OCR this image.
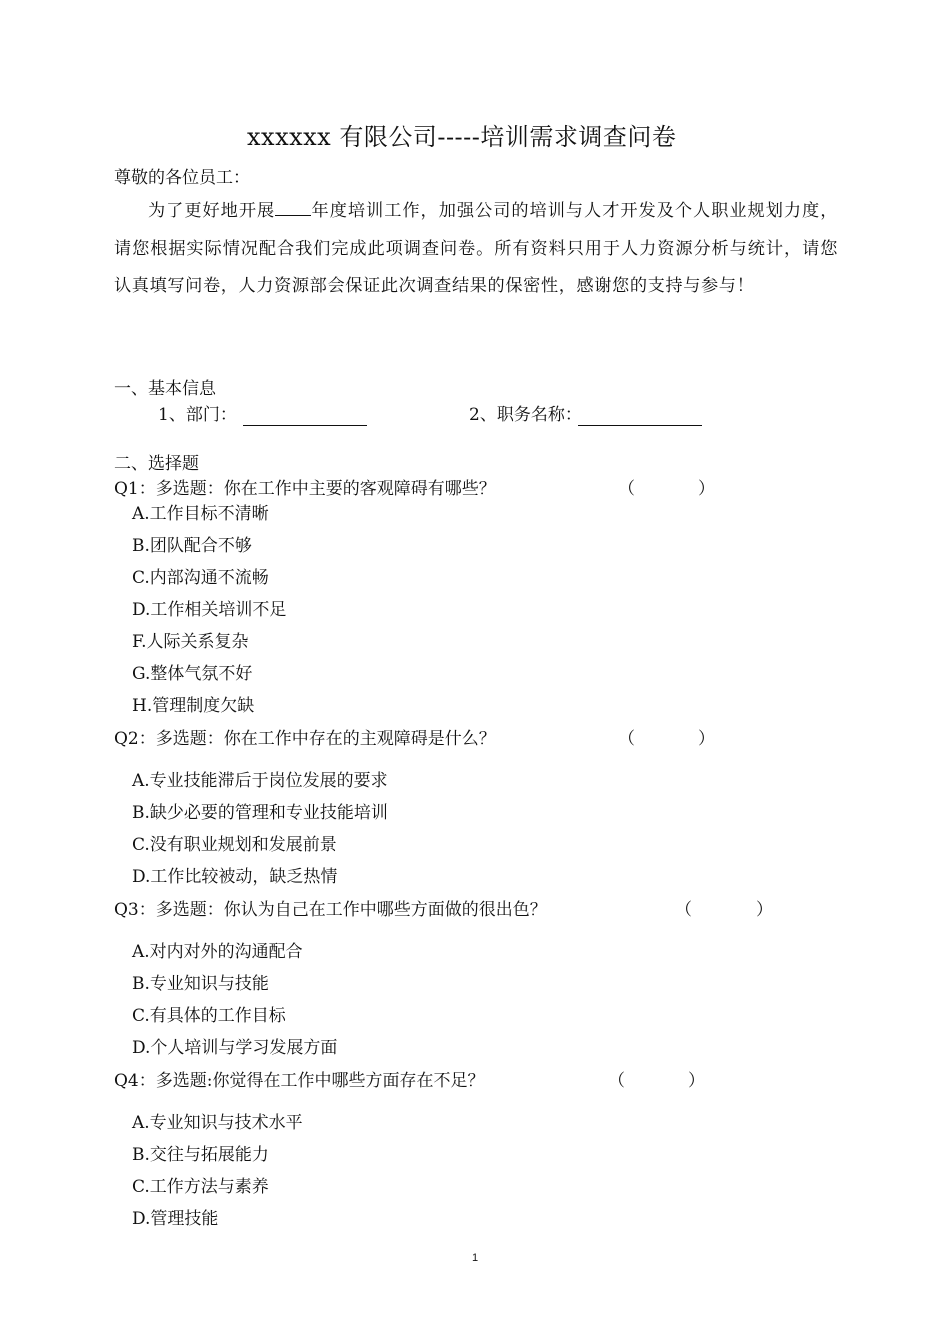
xxxxxx 有限公司-----培训需求调查问卷
尊敬的各位员工：
为了更好地开展 年度培训工作，加强公司的培训与人才开发及个人职业规划力度，请您根据实际情况配合我们完成此项调查问卷。所有资料只用于人力资源分析与统计，请您认真填写问卷，人力资源部会保证此次调查结果的保密性，感谢您的支持与参与！
一、基本信息
1、部门：	2、职务名称：
二、选择题
Q1：多选题：你在工作中主要的客观障碍有哪些？	（	）
A.工作目标不清晰
B.团队配合不够
C.内部沟通不流畅
D.工作相关培训不足
F.人际关系复杂
G.整体气氛不好
H.管理制度欠缺
Q2：多选题：你在工作中存在的主观障碍是什么？	（	）
A.专业技能滞后于岗位发展的要求
B.缺少必要的管理和专业技能培训
C.没有职业规划和发展前景
D.工作比较被动，缺乏热情
Q3：多选题：你认为自己在工作中哪些方面做的很出色？	（	）
A.对内对外的沟通配合
B.专业知识与技能
C.有具体的工作目标
D.个人培训与学习发展方面
Q4：多选题:你觉得在工作中哪些方面存在不足？	（	）
A.专业知识与技术水平
B.交往与拓展能力
C.工作方法与素养
D.管理技能
1
